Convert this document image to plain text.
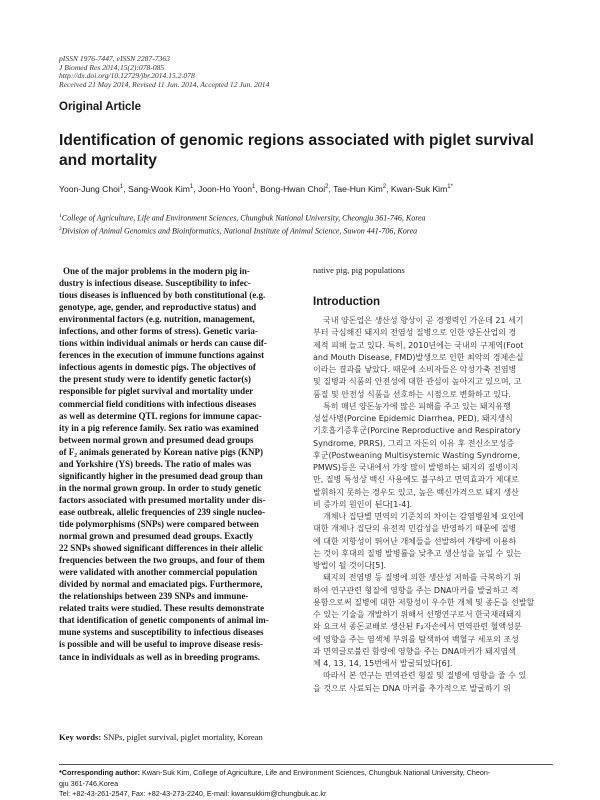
pISSN 1976-7447, eISSN 2287-7363
J Biomed Res 2014;15(2):078-085
http://dx.doi.org/10.12729/jbr.2014.15.2.078
Received 21 May 2014, Revised 11 Jun. 2014, Accepted 12 Jun. 2014
Original Article
Identification of genomic regions associated with piglet survival and mortality
Yoon-Jung Choi$^1$, Sang-Wook Kim$^1$, Joon-Ho Yoon$^1$, Bong-Hwan Choi$^2$, Tae-Hun Kim$^2$, Kwan-Suk Kim$^{1*}$
$^1$College of Agriculture, Life and Environment Sciences, Chungbuk National University, Cheongju 361-746, Korea
$^2$Division of Animal Genomics and Bioinformatics, National Institute of Animal Science, Suwon 441-706, Korea
One of the major problems in the modern pig in-
dustry is infectious disease. Susceptibility to infec-
tious diseases is influenced by both constitutional (e.g.
genotype, age, gender, and reproductive status) and
environmental factors (e.g. nutrition, management,
infections, and other forms of stress). Genetic varia-
tions within individual animals or herds can cause dif-
ferences in the execution of immune functions against
infectious agents in domestic pigs. The objectives of
the present study were to identify genetic factor(s)
responsible for piglet survival and mortality under
commercial field conditions with infectious diseases
as well as determine QTL regions for immune capac-
ity in a pig reference family. Sex ratio was examined
between normal grown and presumed dead groups
of F₂ animals generated by Korean native pigs (KNP)
and Yorkshire (YS) breeds. The ratio of males was
significantly higher in the presumed dead group than
in the normal grown group. In order to study genetic
factors associated with presumed mortality under dis-
ease outbreak, allelic frequencies of 239 single nucleo-
tide polymorphisms (SNPs) were compared between
normal grown and presumed dead groups. Exactly
22 SNPs showed significant differences in their allelic
frequencies between the two groups, and four of them
were validated with another commercial population
divided by normal and emaciated pigs. Furthermore,
the relationships between 239 SNPs and immune-
related traits were studied. These results demonstrate
that identification of genetic components of animal im-
mune systems and susceptibility to infectious diseases
is possible and will be useful to improve disease resis-
tance in individuals as well as in breeding programs.
Key words: SNPs, piglet survival, piglet mortality, Korean
native pig, pig populations
Introduction
국내 양돈업은 생산성 향상이 곧 경쟁력인 가운데 21 세기
부터 극심해진 돼지의 전염성 질병으로 인한 양돈산업의 경
제적 피해 늘고 있다. 특히, 2010년에는 국내의 구제역(Foot
and Mouth Disease, FMD)발생으로 인한 최악의 경제손실
이라는 결과를 낳았다. 때문에 소비자들은 악성가축 전염병
및 질병과 식품의 안전성에 대한 관심이 높아지고 있으며, 고
품질 및 안전성 식품을 선호하는 시점으로 변화하고 있다.
특히 매년 양돈농가에 많은 피해를 주고 있는 돼지유행
성설사병(Porcine Epidemic Diarrhea, PED), 돼지생식
기호흡기증후군(Porcine Reproductive and Respiratory
Syndrome, PRRS), 그리고 자돈의 이유 후 전신소모성증
후군(Postweaning Multisystemic Wasting Syndrome,
PMWS)등은 국내에서 가장 많이 발병하는 돼지의 질병이지
만, 질병 특성상 백신 사용에도 불구하고 면역효과가 제대로
발휘하지 못하는 경우도 있고, 높은 백신가격으로 돼지 생산
비 증가의 원인이 된다[1-4].
개체나 집단별 면역의 기준치의 차이는 감염병원체 요인에
대한 개체나 집단의 유전적 민감성을 반영하기 때문에 질병
에 대한 저항성이 뛰어난 개체들을 선발하여 개량에 이용하
는 것이 후대의 질병 발병률을 낮추고 생산성을 높일 수 있는
방법이 될 것이다[5].
돼지의 전염병 등 질병에 의한 생산성 저하를 극복하기 위
하여 연구관련 형질에 영향을 주는 DNA마커를 발굴하고 적
용함으로써 질병에 대한 저항성이 우수한 개체 및 종돈을 선발할
수 있는 기술을 개발하기 위해서 선행연구로서 한국재래돼지
와 요크셔 종돈교배로 생산된 F₂자손에서 면역관련 혈액성분
에 영향을 주는 염색체 부위를 탐색하여 백혈구 세포의 조성
과 면역글로불린 함량에 영향을 주는 DNA마커가 돼지염색
체 4, 13, 14, 15번에서 발굴되었다[6].
따라서 본 연구는 면역관련 형질 및 질병에 영향을 줄 수 있
을 것으로 사료되는 DNA 마커를 추가적으로 발굴하기 위
*Corresponding author: Kwan-Suk Kim, College of Agriculture, Life and Environment Sciences, Chungbuk National University, Cheon-
gju 361-746,Korea
Tel: +82-43-261-2547, Fax: +82-43-273-2240, E-mail: kwansukkim@chungbuk.ac.kr
